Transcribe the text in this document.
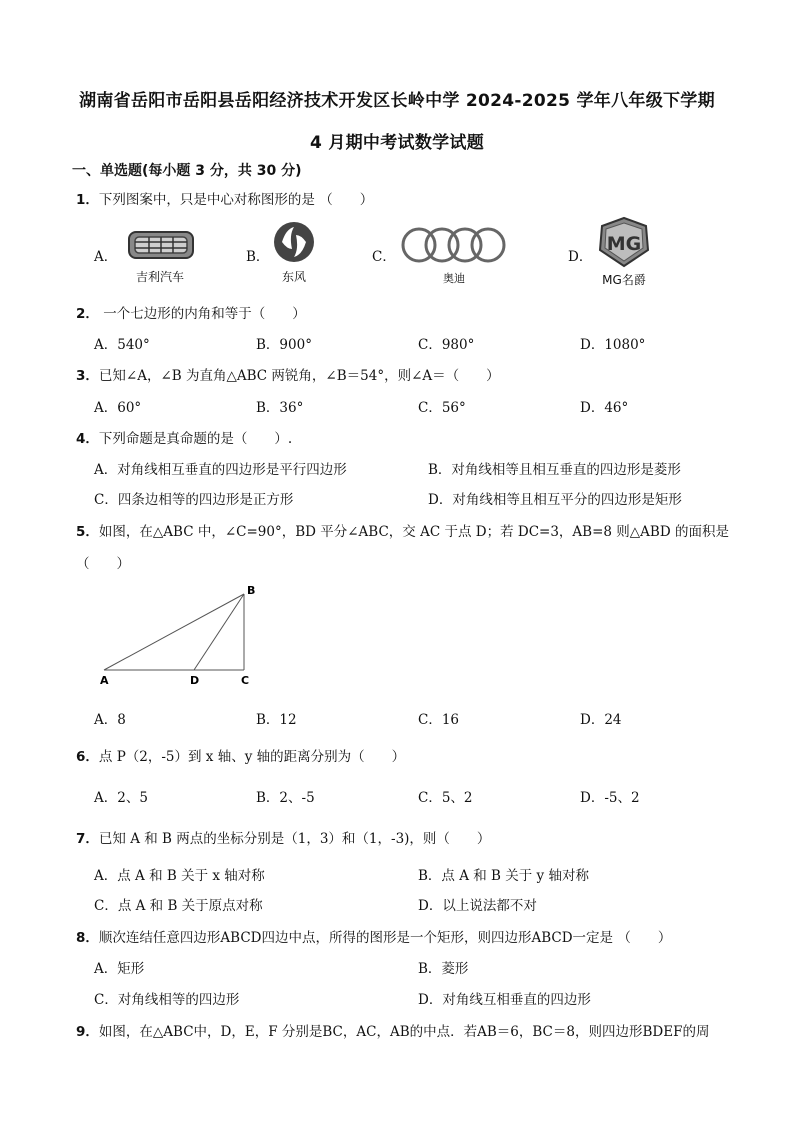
湖南省岳阳市岳阳县岳阳经济技术开发区长岭中学 2024-2025 学年八年级下学期
4 月期中考试数学试题
一、单选题(每小题 3 分，共 30 分)
1．下列图案中，只是中心对称图形的是 （　　）
A．
吉利汽车
B．
东风
C．
奥迪
D．
MG
MG名爵
2． 一个七边形的内角和等于（　　）
A．540°	B．900°	C．980°	D．1080°
3．已知∠A，∠B 为直角△ABC 两锐角，∠B＝54°，则∠A＝（　　）
A．60°	B．36°	C．56°	D．46°
4．下列命题是真命题的是（　　）.
A．对角线相互垂直的四边形是平行四边形	B．对角线相等且相互垂直的四边形是菱形
C．四条边相等的四边形是正方形	D．对角线相等且相互平分的四边形是矩形
5．如图，在△ABC 中，∠C=90°，BD 平分∠ABC，交 AC 于点 D；若 DC=3，AB=8 则△ABD 的面积是
（　　）
B
A	D	C
A．8	B．12	C．16	D．24
6．点 P（2，-5）到 x 轴、y 轴的距离分别为（　　）
A．2、5	B．2、-5	C．5、2	D．-5、2
7．已知 A 和 B 两点的坐标分别是（1，3）和（1，-3)，则（　　）
A．点 A 和 B 关于 x 轴对称	B．点 A 和 B 关于 y 轴对称
C．点 A 和 B 关于原点对称	D．以上说法都不对
8．顺次连结任意四边形ABCD四边中点，所得的图形是一个矩形，则四边形ABCD一定是 （　　）
A．矩形	B．菱形
C．对角线相等的四边形	D．对角线互相垂直的四边形
9．如图，在△ABC中，D，E，F 分别是BC，AC，AB的中点．若AB＝6，BC＝8，则四边形BDEF的周
